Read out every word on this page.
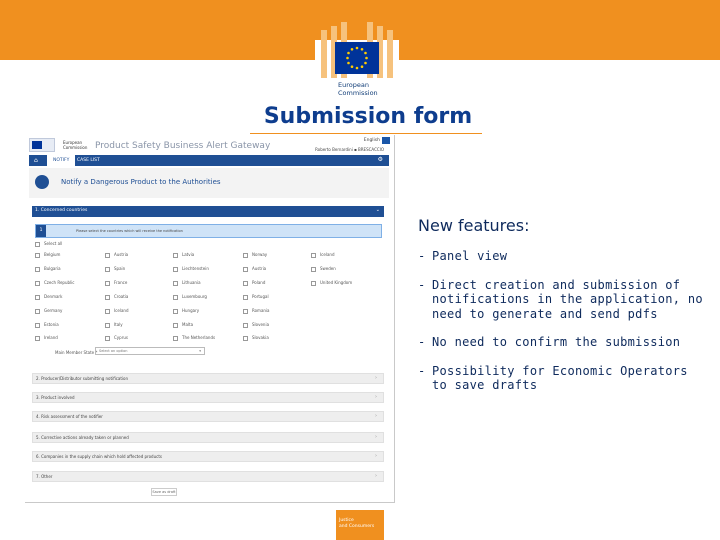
European
Commission
Submission form
European
Commission Product Safety Business Alert Gateway
English
Roberto Bernardini ▪ BRESCACCIO
⌂	NOTIFY	CASE LIST	⚙
Notify a Dangerous Product to the Authorities
1. Concerned countries	⌄
1	Please select the countries which will receive the notification
Select all
Belgium	Austria	Latvia	Norway	Iceland
Bulgaria	Spain	Liechtenstein	Austria	Sweden
Czech Republic	France	Lithuania	Poland	United Kingdom
Denmark	Croatia	Luxembourg	Portugal
Germany	Iceland	Hungary	Romania
Estonia	Italy	Malta	Slovenia
Ireland	Cyprus	The Netherlands	Slovakia
Main Member State * Select an option	▾
2. Producer/Distributor submitting notification	›
3. Product involved	›
4. Risk assessment of the notifier	›
5. Corrective actions already taken or planned	›
6. Companies in the supply chain which hold affected products	›
7. Other	›
Save as draft
New features:
- Panel view
- Direct creation and submission of notifications in the application, no need to generate and send pdfs
- No need to confirm the submission
- Possibility for Economic Operators to save drafts
Justice
and Consumers
